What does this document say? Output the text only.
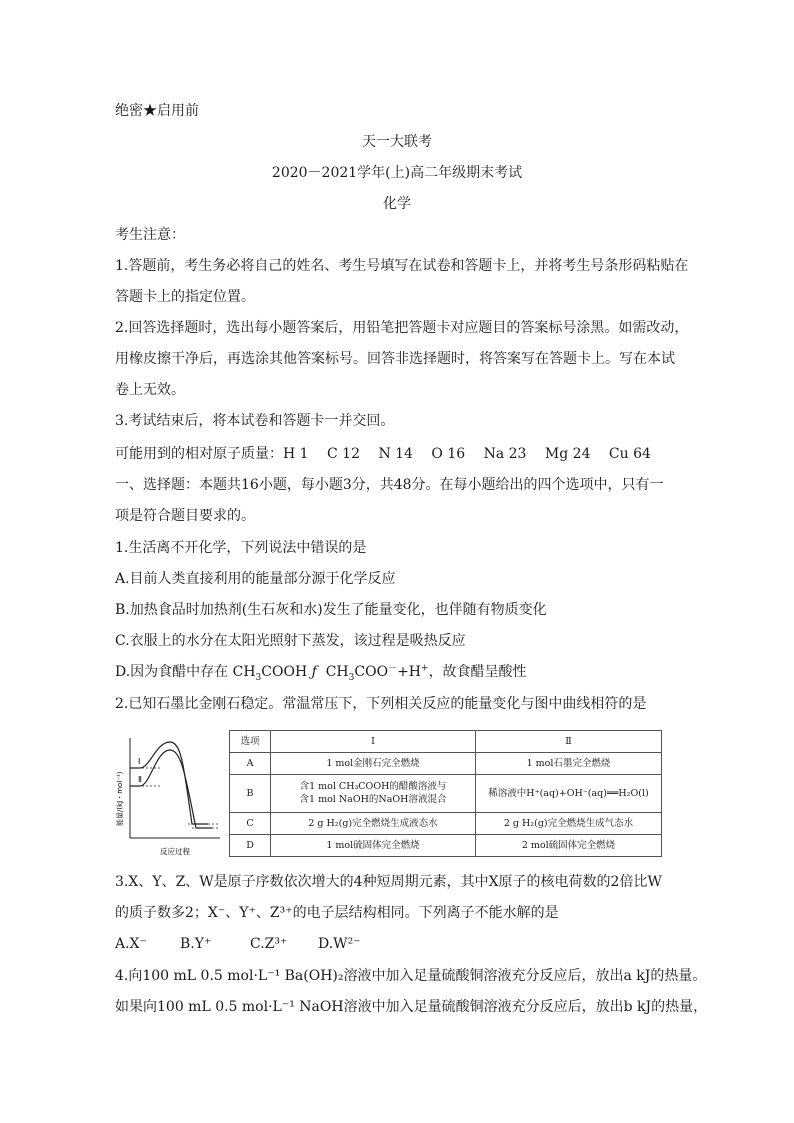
绝密★启用前
天一大联考
2020－2021学年(上)高二年级期末考试
化学
考生注意：
1.答题前，考生务必将自己的姓名、考生号填写在试卷和答题卡上，并将考生号条形码粘贴在
答题卡上的指定位置。
2.回答选择题时，选出每小题答案后，用铅笔把答题卡对应题目的答案标号涂黑。如需改动，
用橡皮擦干净后，再选涂其他答案标号。回答非选择题时，将答案写在答题卡上。写在本试
卷上无效。
3.考试结束后，将本试卷和答题卡一并交回。
可能用到的相对原子质量：H 1　 C 12　 N 14　 O 16　 Na 23　 Mg 24　 Cu 64
一、选择题：本题共16小题，每小题3分，共48分。在每小题给出的四个选项中，只有一
项是符合题目要求的。
1.生活离不开化学，下列说法中错误的是
A.目前人类直接利用的能量部分源于化学反应
B.加热食品时加热剂(生石灰和水)发生了能量变化，也伴随有物质变化
C.衣服上的水分在太阳光照射下蒸发，该过程是吸热反应
D.因为食醋中存在 $CH_3COOH$ ƒ $CH_3COO^-+H^+$，故食醋呈酸性
2.已知石墨比金刚石稳定。常温常压下，下列相关反应的能量变化与图中曲线相符的是
Ⅰ
Ⅱ
能量/(kJ・mol⁻¹)
反应过程
选项	Ⅰ	Ⅱ
A	1 mol金刚石完全燃烧	1 mol石墨完全燃烧
B	含1 mol CH₃COOH的醋酸溶液与
含1 mol NaOH的NaOH溶液混合	稀溶液中H⁺(aq)+OH⁻(aq)══H₂O(l)
C	2 g H₂(g)完全燃烧生成液态水	2 g H₂(g)完全燃烧生成气态水
D	1 mol硫固体完全燃烧	2 mol硫固体完全燃烧
3.X、Y、Z、W是原子序数依次增大的4种短周期元素，其中X原子的核电荷数的2倍比W
的质子数多2；X⁻、Y⁺、Z³⁺的电子层结构相同。下列离子不能水解的是
A.X⁻ B.Y⁺	C.Z³⁺ D.W²⁻
4.向100 mL 0.5 mol·L⁻¹ Ba(OH)₂溶液中加入足量硫酸铜溶液充分反应后，放出a kJ的热量。
如果向100 mL 0.5 mol·L⁻¹ NaOH溶液中加入足量硫酸铜溶液充分反应后，放出b kJ的热量，
